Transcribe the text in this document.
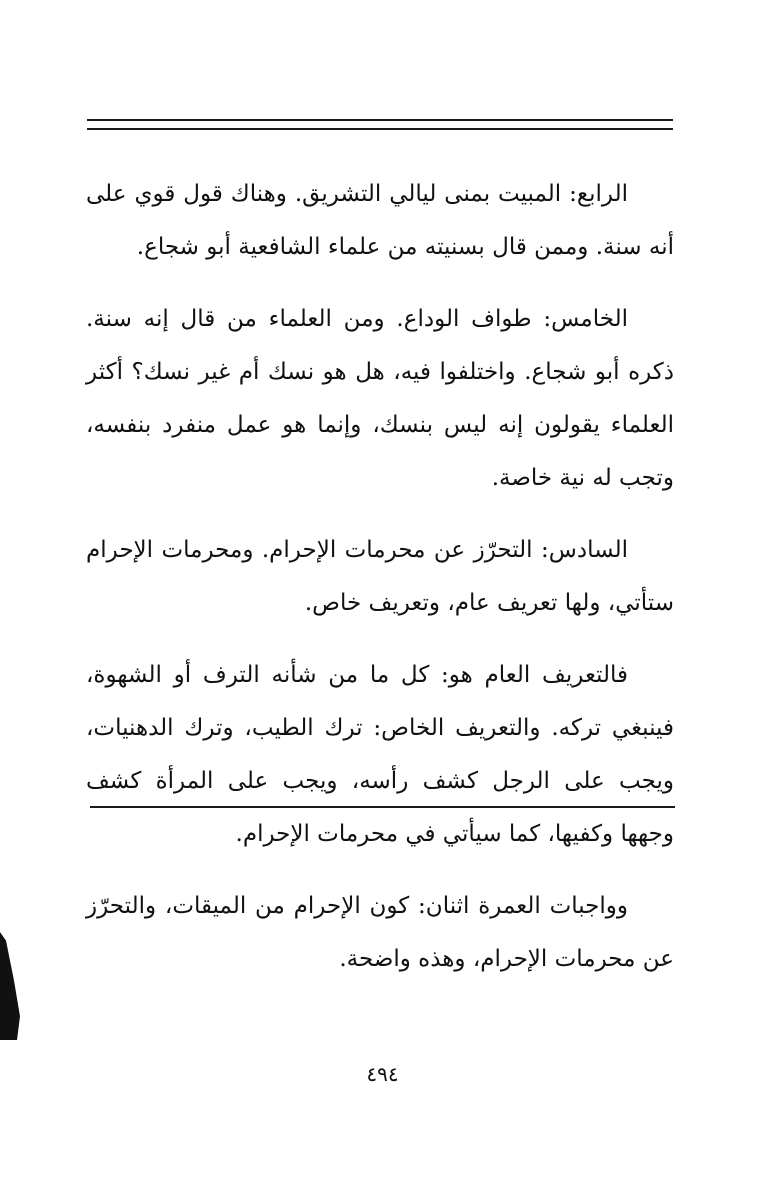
الرابع: المبيت بمنى ليالي التشريق. وهناك قول قوي على أنه سنة. وممن قال بسنيته من علماء الشافعية أبو شجاع.

الخامس: طواف الوداع. ومن العلماء من قال إنه سنة. ذكره أبو شجاع. واختلفوا فيه، هل هو نسك أم غير نسك؟ أكثر العلماء يقولون إنه ليس بنسك، وإنما هو عمل منفرد بنفسه، وتجب له نية خاصة.

السادس: التحرّز عن محرمات الإحرام. ومحرمات الإحرام ستأتي، ولها تعريف عام، وتعريف خاص.

فالتعريف العام هو: كل ما من شأنه الترف أو الشهوة، فينبغي تركه. والتعريف الخاص: ترك الطيب، وترك الدهنيات، ويجب على الرجل كشف رأسه، ويجب على المرأة كشف وجهها وكفيها، كما سيأتي في محرمات الإحرام.

وواجبات العمرة اثنان: كون الإحرام من الميقات، والتحرّز عن محرمات الإحرام، وهذه واضحة.

٤٩٤
